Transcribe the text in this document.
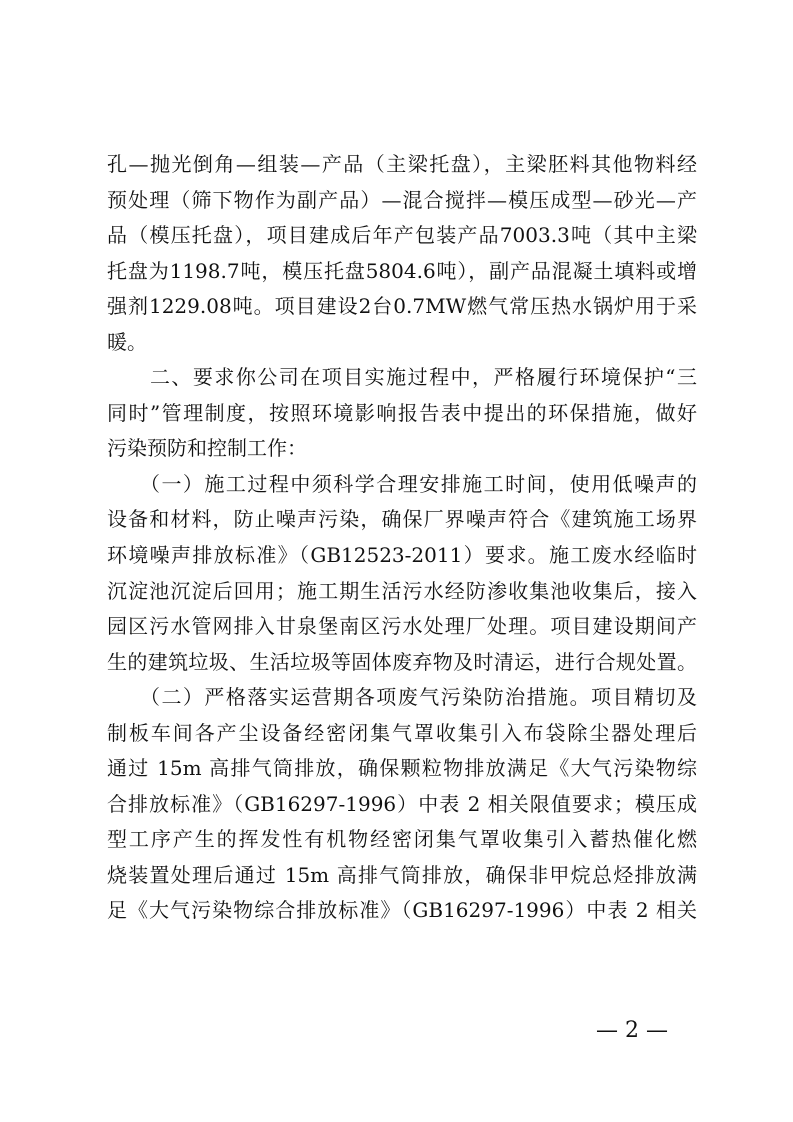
孔—抛光倒角—组装—产品（主梁托盘），主梁胚料其他物料经
预处理（筛下物作为副产品）—混合搅拌—模压成型—砂光—产
品（模压托盘），项目建成后年产包装产品7003.3吨（其中主梁
托盘为1198.7吨，模压托盘5804.6吨），副产品混凝土填料或增
强剂1229.08吨。项目建设2台0.7MW燃气常压热水锅炉用于采
暖。
　　二、要求你公司在项目实施过程中，严格履行环境保护“三
同时”管理制度，按照环境影响报告表中提出的环保措施，做好
污染预防和控制工作：
　　（一）施工过程中须科学合理安排施工时间，使用低噪声的
设备和材料，防止噪声污染，确保厂界噪声符合《建筑施工场界
环境噪声排放标准》（GB12523-2011）要求。施工废水经临时
沉淀池沉淀后回用；施工期生活污水经防渗收集池收集后，接入
园区污水管网排入甘泉堡南区污水处理厂处理。项目建设期间产
生的建筑垃圾、生活垃圾等固体废弃物及时清运，进行合规处置。
　　（二）严格落实运营期各项废气污染防治措施。项目精切及
制板车间各产尘设备经密闭集气罩收集引入布袋除尘器处理后
通过 15m 高排气筒排放，确保颗粒物排放满足《大气污染物综
合排放标准》（GB16297-1996）中表 2 相关限值要求；模压成
型工序产生的挥发性有机物经密闭集气罩收集引入蓄热催化燃
烧装置处理后通过 15m 高排气筒排放，确保非甲烷总烃排放满
足《大气污染物综合排放标准》（GB16297-1996）中表 2 相关
— 2 —
